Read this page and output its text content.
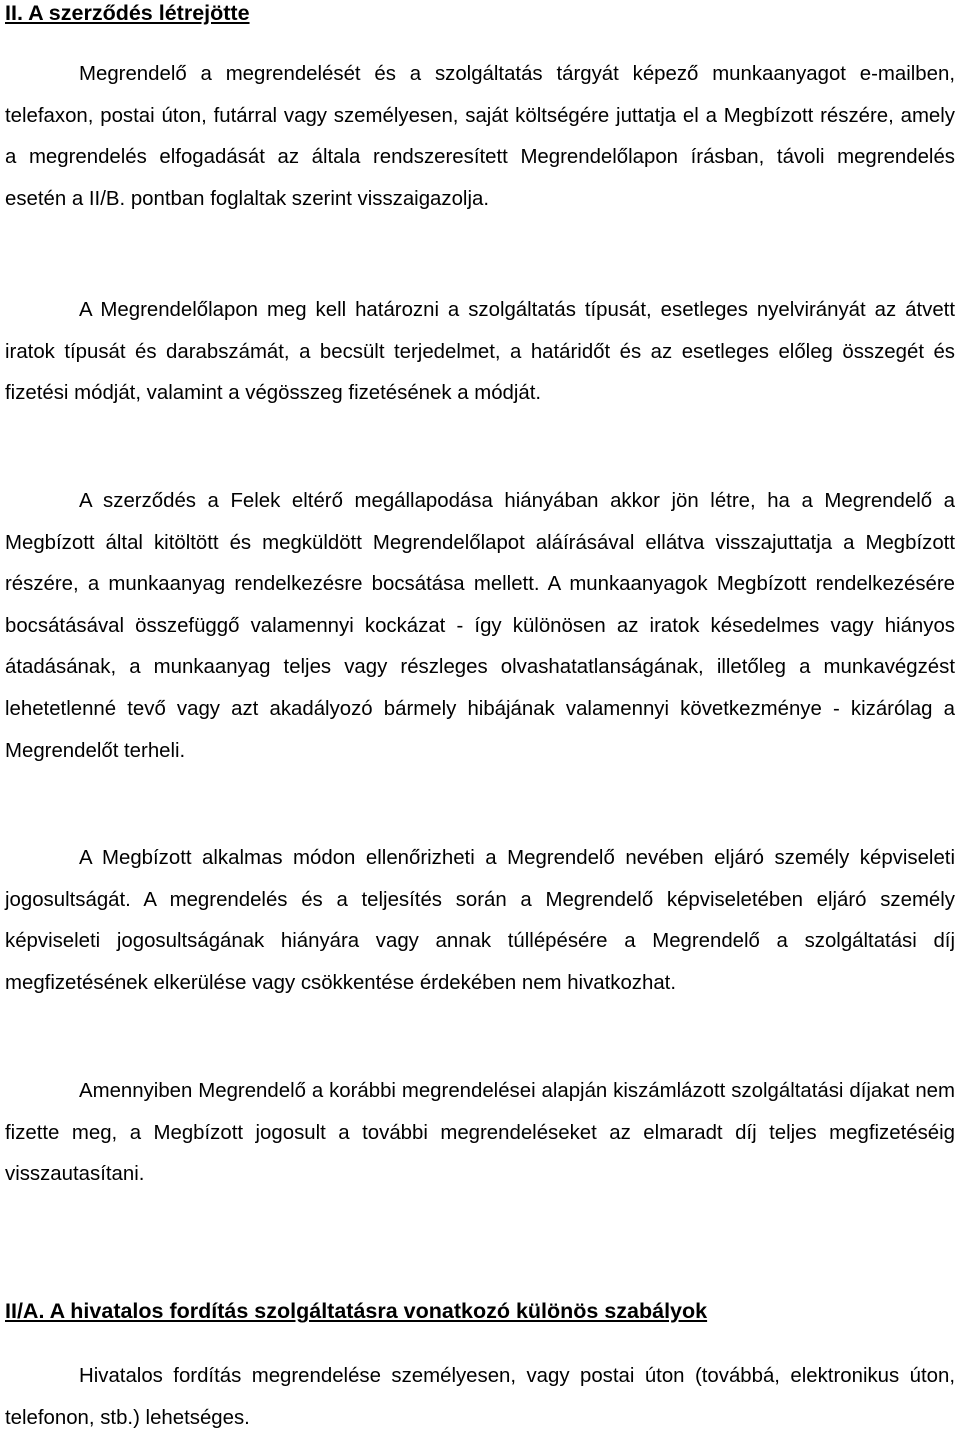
II. A szerződés létrejötte

Megrendelő a megrendelését és a szolgáltatás tárgyát képező munkaanyagot e-mailben, telefaxon, postai úton, futárral vagy személyesen, saját költségére juttatja el a Megbízott részére, amely a megrendelés elfogadását az általa rendszeresített Megrendelőlapon írásban, távoli megrendelés esetén a II/B. pontban foglaltak szerint visszaigazolja.

A Megrendelőlapon meg kell határozni a szolgáltatás típusát, esetleges nyelvirányát az átvett iratok típusát és darabszámát, a becsült terjedelmet, a határidőt és az esetleges előleg összegét és fizetési módját, valamint a végösszeg fizetésének a módját.

A szerződés a Felek eltérő megállapodása hiányában akkor jön létre, ha a Megrendelő a Megbízott által kitöltött és megküldött Megrendelőlapot aláírásával ellátva visszajuttatja a Megbízott részére, a munkaanyag rendelkezésre bocsátása mellett. A munkaanyagok Megbízott rendelkezésére bocsátásával összefüggő valamennyi kockázat - így különösen az iratok késedelmes vagy hiányos átadásának, a munkaanyag teljes vagy részleges olvashatatlanságának, illetőleg a munkavégzést lehetetlenné tevő vagy azt akadályozó bármely hibájának valamennyi következménye - kizárólag a Megrendelőt terheli.

A Megbízott alkalmas módon ellenőrizheti a Megrendelő nevében eljáró személy képviseleti jogosultságát. A megrendelés és a teljesítés során a Megrendelő képviseletében eljáró személy képviseleti jogosultságának hiányára vagy annak túllépésére a Megrendelő a szolgáltatási díj megfizetésének elkerülése vagy csökkentése érdekében nem hivatkozhat.

Amennyiben Megrendelő a korábbi megrendelései alapján kiszámlázott szolgáltatási díjakat nem fizette meg, a Megbízott jogosult a további megrendeléseket az elmaradt díj teljes megfizetéséig visszautasítani.

II/A. A hivatalos fordítás szolgáltatásra vonatkozó különös szabályok

Hivatalos fordítás megrendelése személyesen, vagy postai úton (továbbá, elektronikus úton, telefonon, stb.) lehetséges.
